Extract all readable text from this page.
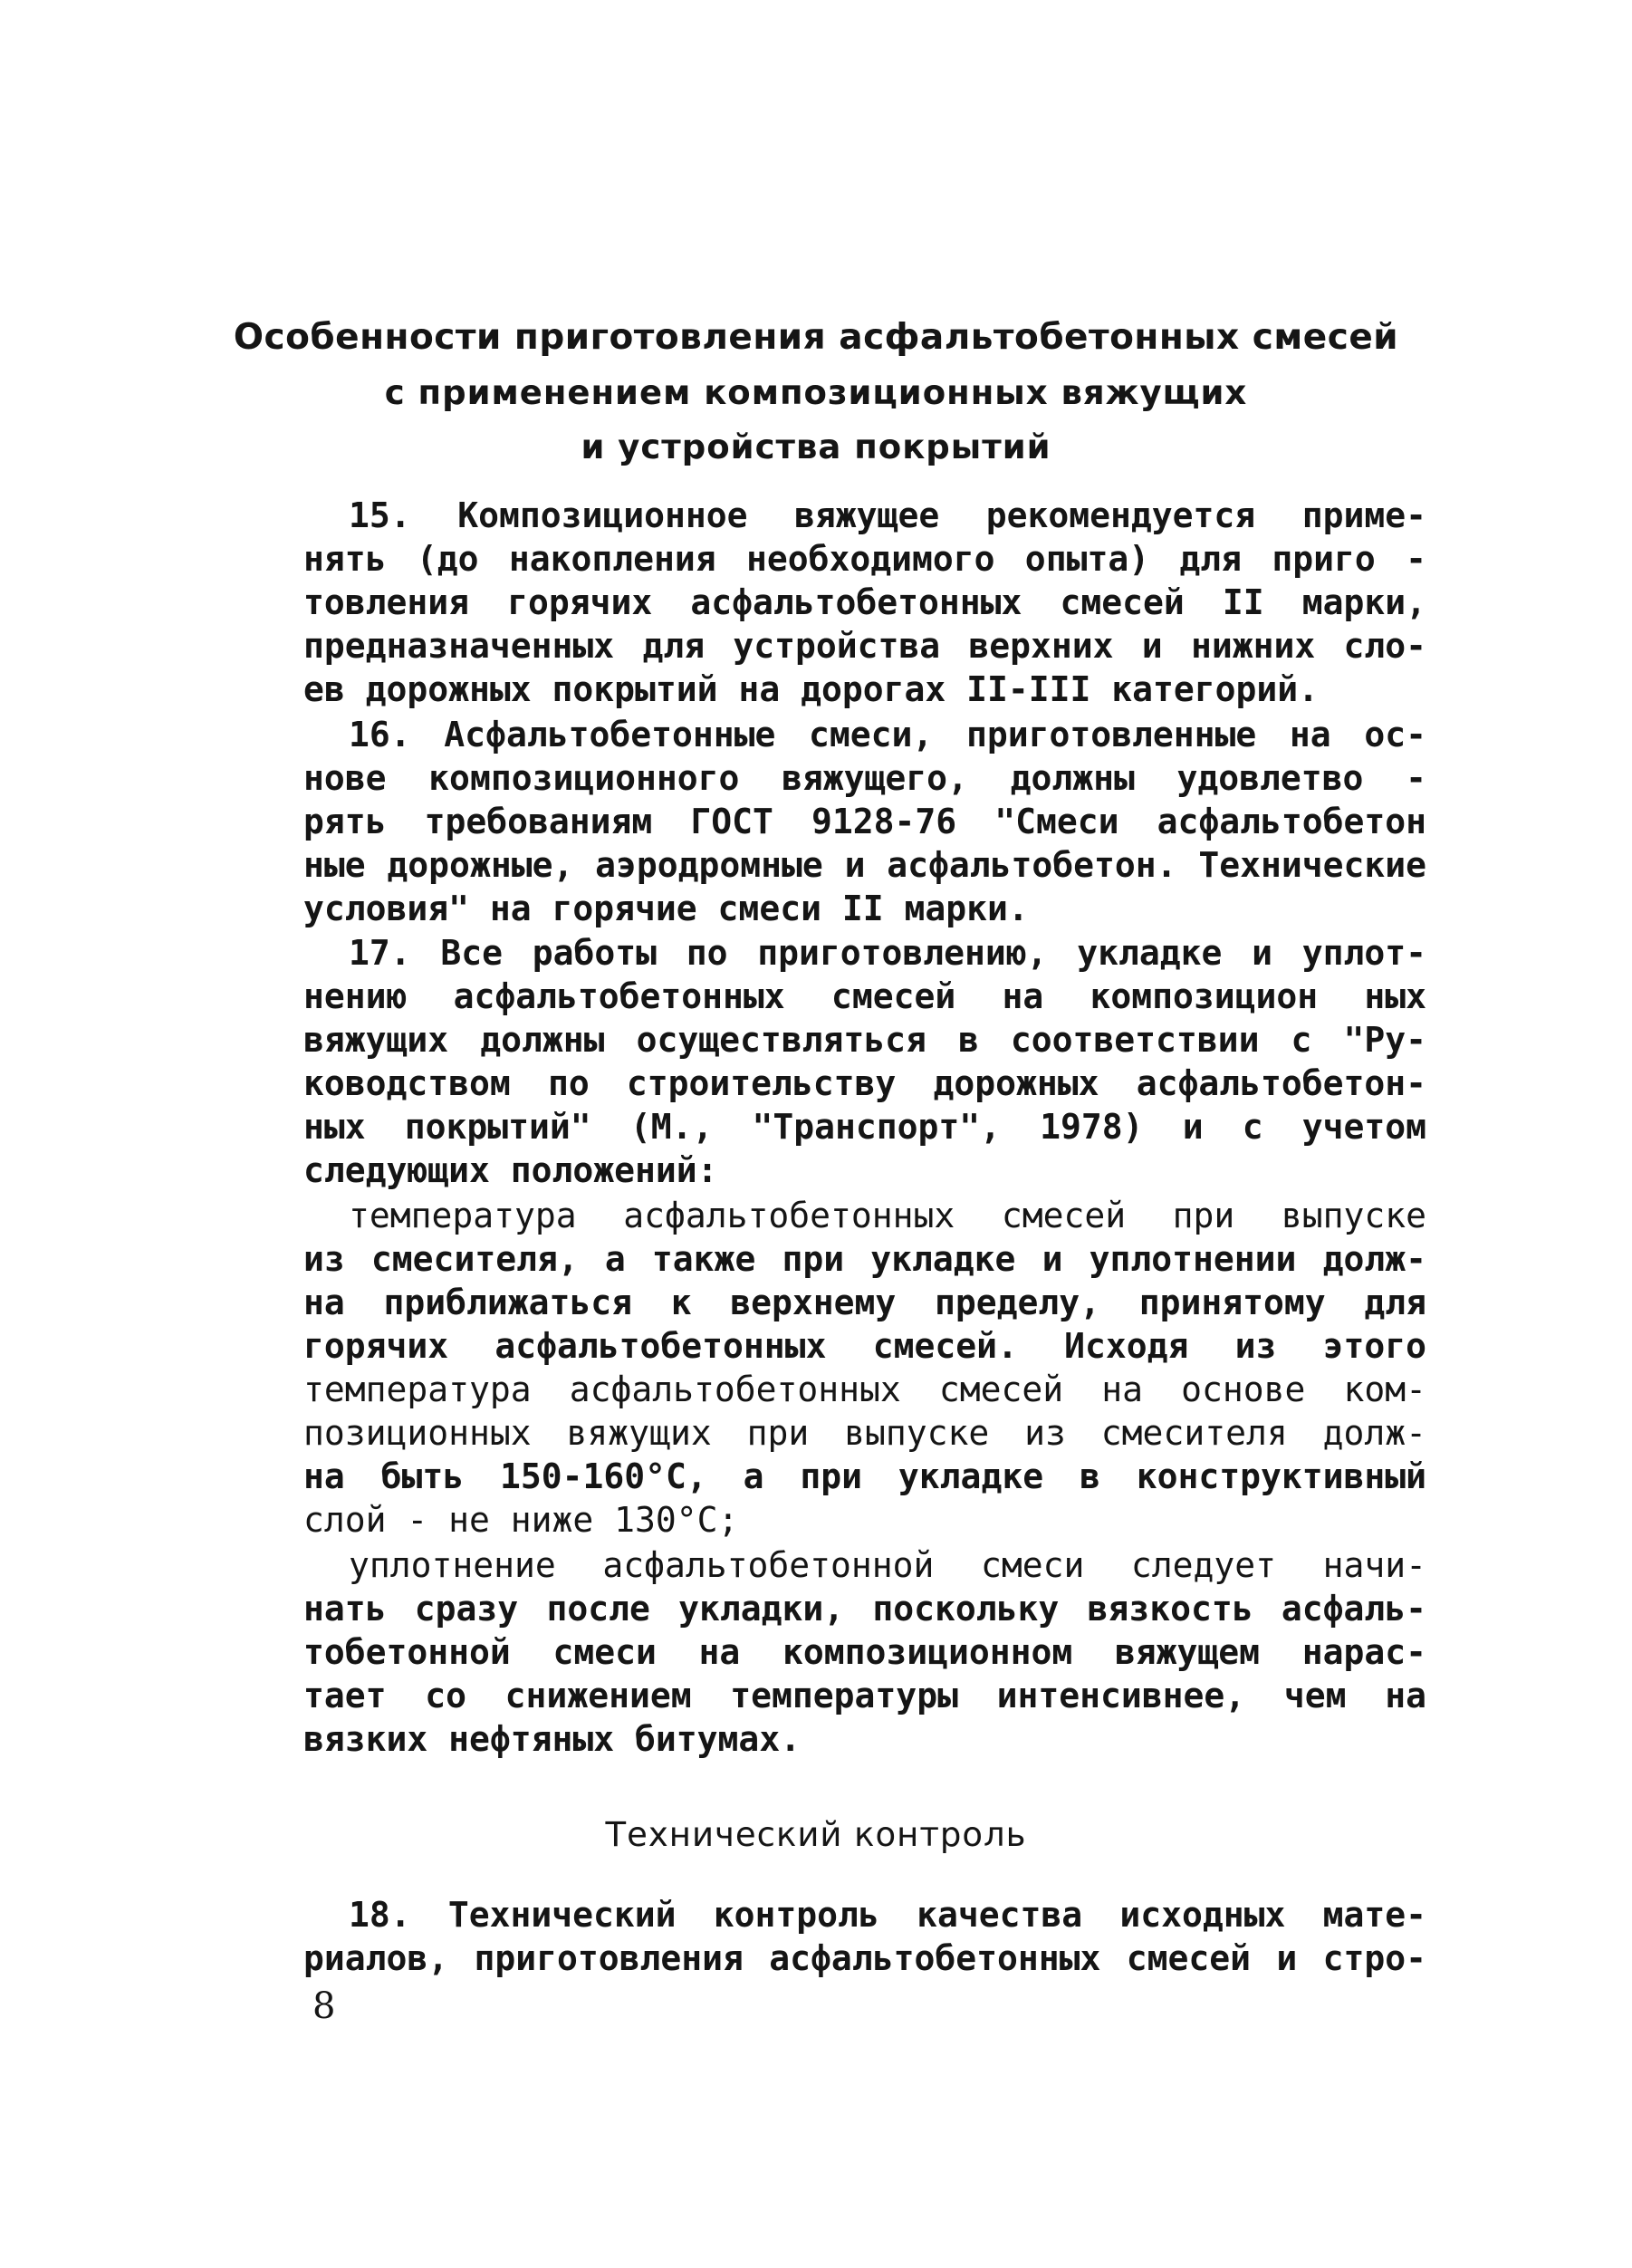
Особенности приготовления асфальтобетонных смесей
с применением композиционных вяжущих
и устройства покрытий
15. Композиционное вяжущее рекомендуется приме-
нять (до накопления необходимого опыта) для приго -
товления горячих асфальтобетонных смесей II марки,
предназначенных для устройства верхних и нижних сло-
ев дорожных покрытий на дорогах II-III категорий.
16. Асфальтобетонные смеси, приготовленные на ос-
нове композиционного вяжущего, должны удовлетво -
рять требованиям ГОСТ 9128-76 "Смеси асфальтобетон
ные дорожные, аэродромные и асфальтобетон. Технические
условия" на горячие смеси II марки.
17. Все работы по приготовлению, укладке и уплот-
нению асфальтобетонных смесей на композицион ных
вяжущих должны осуществляться в соответствии с "Ру-
ководством по строительству дорожных асфальтобетон-
ных покрытий" (М., "Транспорт", 1978) и с учетом
следующих положений:
температура асфальтобетонных смесей при выпуске
из смесителя, а также при укладке и уплотнении долж-
на приближаться к верхнему пределу, принятому для
горячих асфальтобетонных смесей. Исходя из этого
температура асфальтобетонных смесей на основе ком-
позиционных вяжущих при выпуске из смесителя долж-
на быть 150-160°С, а при укладке в конструктивный
слой - не ниже 130°С;
уплотнение асфальтобетонной смеси следует начи-
нать сразу после укладки, поскольку вязкость асфаль-
тобетонной смеси на композиционном вяжущем нарас-
тает со снижением температуры интенсивнее, чем на
вязких нефтяных битумах.
Технический контроль
18. Технический контроль качества исходных мате-
риалов, приготовления асфальтобетонных смесей и стро-
8
